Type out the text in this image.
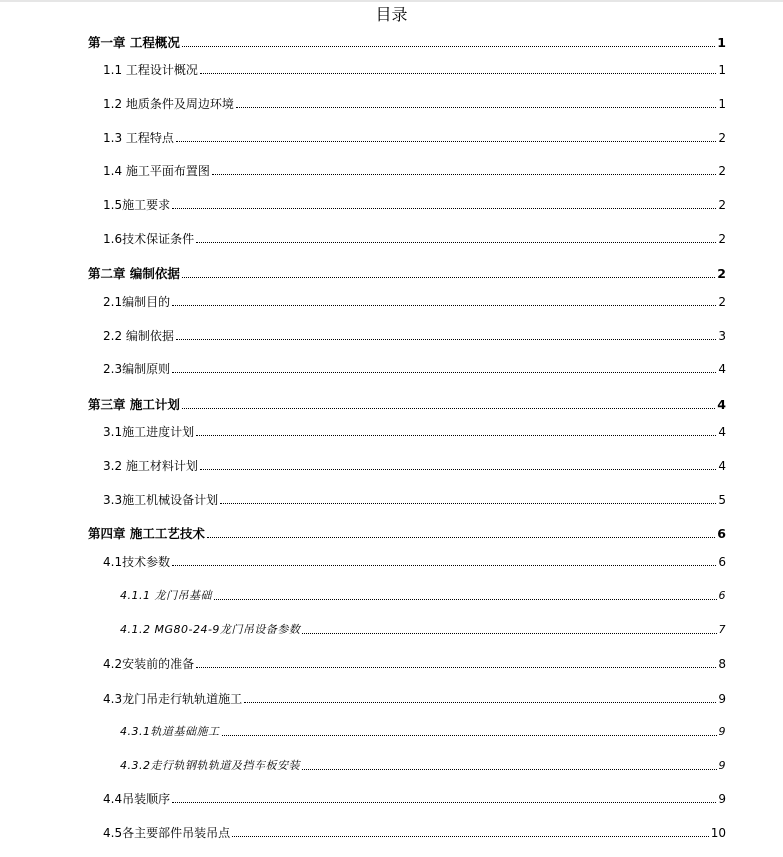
目录
第一章 工程概况	1
1.1 工程设计概况	1
1.2 地质条件及周边环境	1
1.3 工程特点	2
1.4 施工平面布置图	2
1.5施工要求	2
1.6技术保证条件	2
第二章 编制依据	2
2.1编制目的	2
2.2 编制依据	3
2.3编制原则	4
第三章 施工计划	4
3.1施工进度计划	4
3.2 施工材料计划	4
3.3施工机械设备计划	5
第四章 施工工艺技术	6
4.1技术参数	6
4.1.1 龙门吊基础	6
4.1.2 MG80-24-9龙门吊设备参数	7
4.2安装前的准备	8
4.3龙门吊走行轨轨道施工	9
4.3.1轨道基础施工	9
4.3.2走行轨钢轨轨道及挡车板安装	9
4.4吊装顺序	9
4.5各主要部件吊装吊点	10
